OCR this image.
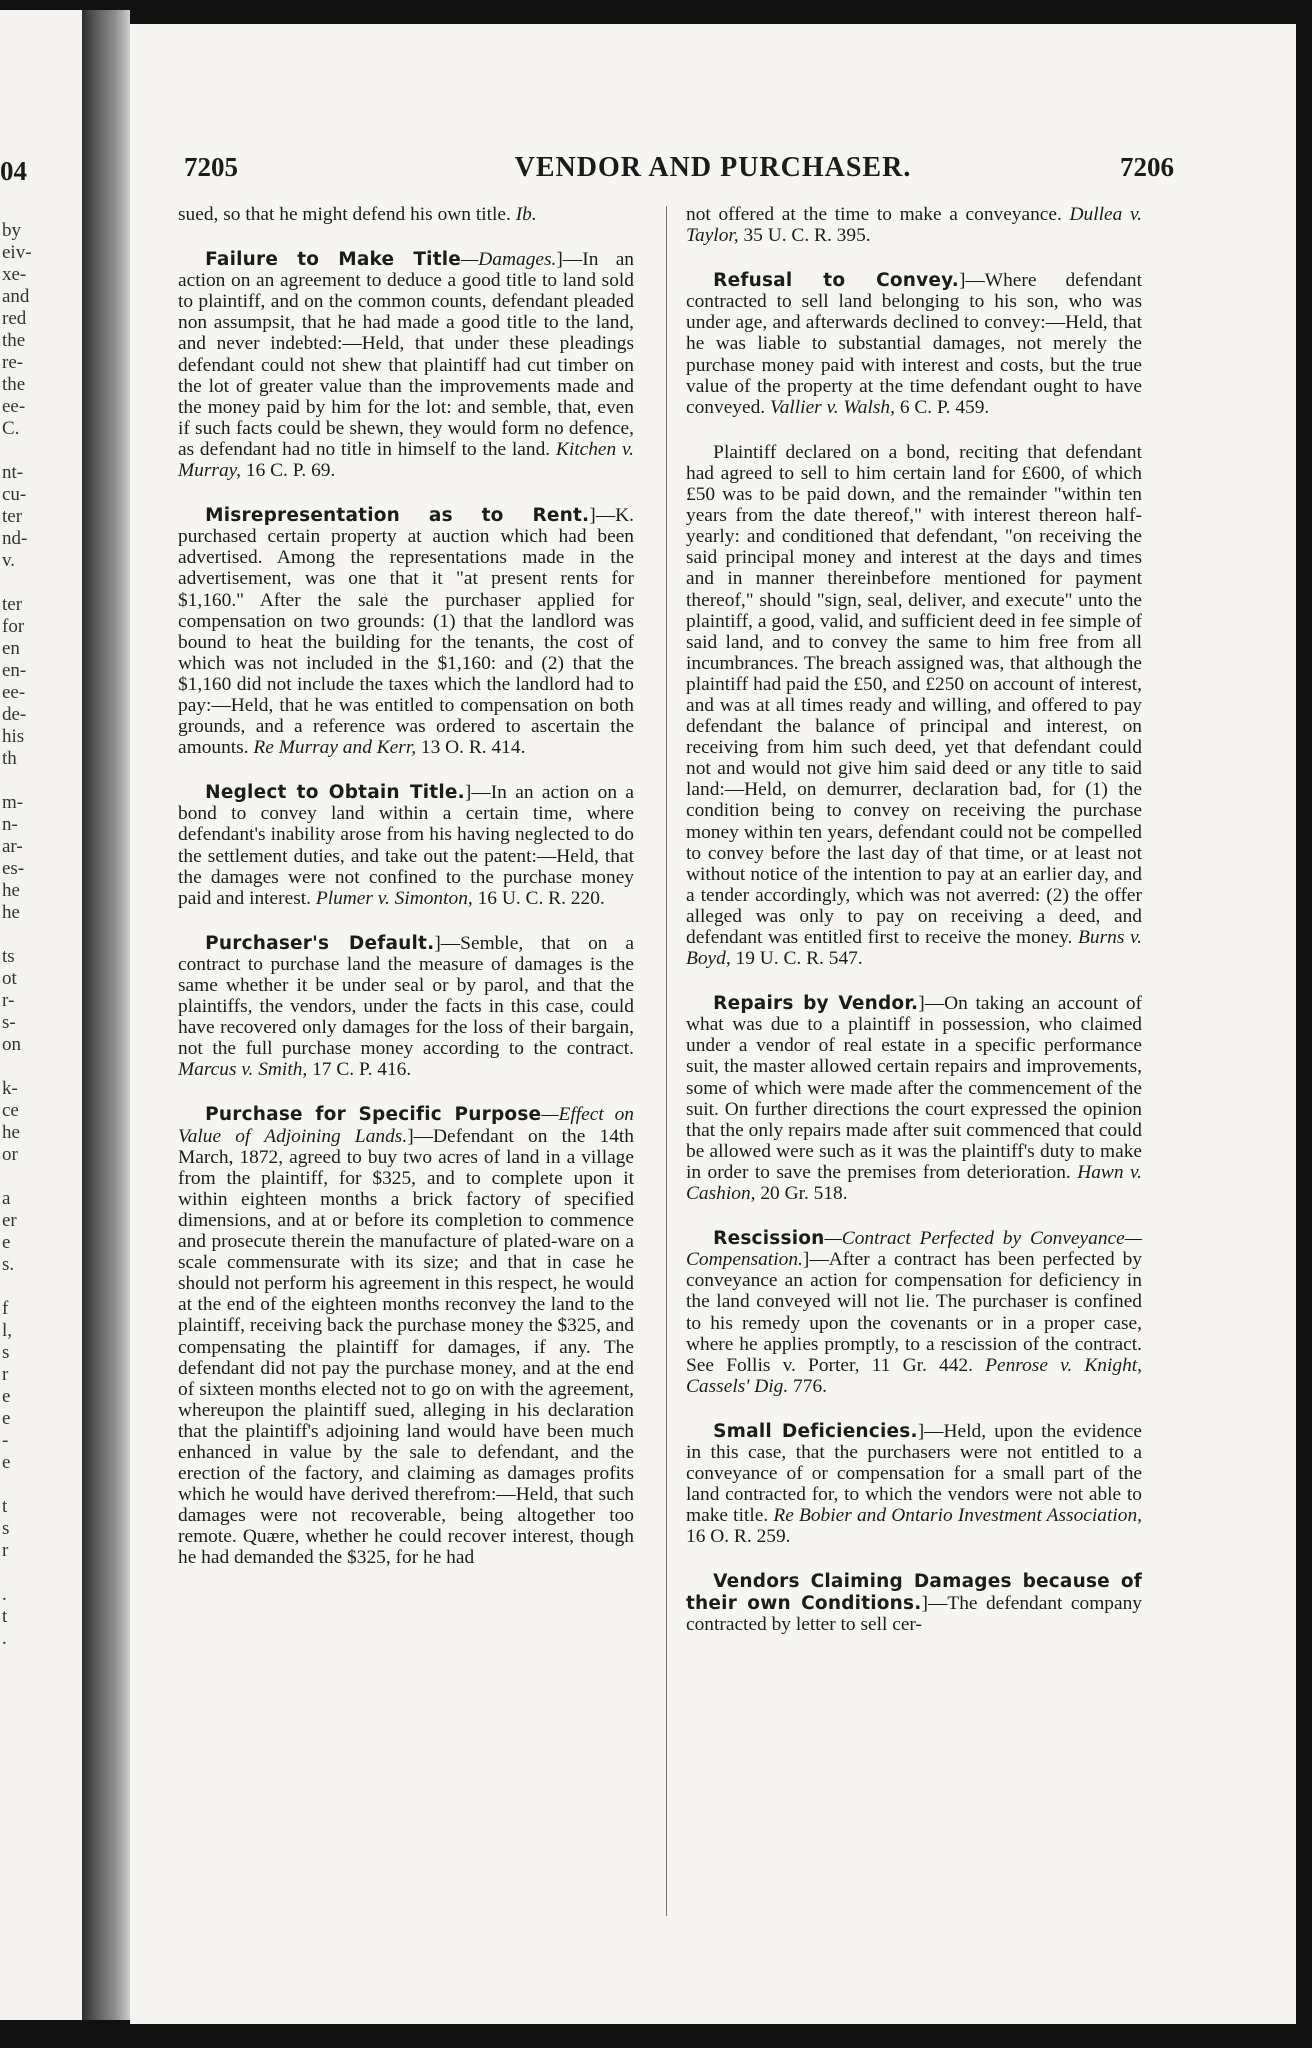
04
by
eiv-
xe-
and
red
the
re-
the
ee-
C.

nt-
cu-
ter
nd-
v.

ter
for
en
en-
ee-
de-
his
th

m-
n-
ar-
es-
he
he

ts
ot
r-
s-
on

k-
ce
he
or

a
er
e
s.

f
l,
s
r
e
e
-
e

t
s
r

.
t
.
7205	VENDOR AND PURCHASER.	7206

sued, so that he might defend his own title. Ib.

Failure to Make Title—Damages.]—In an action on an agreement to deduce a good title to land sold to plaintiff, and on the common counts, defendant pleaded non assumpsit, that he had made a good title to the land, and never indebted:—Held, that under these pleadings defendant could not shew that plaintiff had cut timber on the lot of greater value than the improvements made and the money paid by him for the lot: and semble, that, even if such facts could be shewn, they would form no defence, as defendant had no title in himself to the land. Kitchen v. Murray, 16 C. P. 69.

Misrepresentation as to Rent.]—K. purchased certain property at auction which had been advertised. Among the representations made in the advertisement, was one that it "at present rents for $1,160." After the sale the purchaser applied for compensation on two grounds: (1) that the landlord was bound to heat the building for the tenants, the cost of which was not included in the $1,160: and (2) that the $1,160 did not include the taxes which the landlord had to pay:—Held, that he was entitled to compensation on both grounds, and a reference was ordered to ascertain the amounts. Re Murray and Kerr, 13 O. R. 414.

Neglect to Obtain Title.]—In an action on a bond to convey land within a certain time, where defendant's inability arose from his having neglected to do the settlement duties, and take out the patent:—Held, that the damages were not confined to the purchase money paid and interest. Plumer v. Simonton, 16 U. C. R. 220.

Purchaser's Default.]—Semble, that on a contract to purchase land the measure of damages is the same whether it be under seal or by parol, and that the plaintiffs, the vendors, under the facts in this case, could have recovered only damages for the loss of their bargain, not the full purchase money according to the contract. Marcus v. Smith, 17 C. P. 416.

Purchase for Specific Purpose—Effect on Value of Adjoining Lands.]—Defendant on the 14th March, 1872, agreed to buy two acres of land in a village from the plaintiff, for $325, and to complete upon it within eighteen months a brick factory of specified dimensions, and at or before its completion to commence and prosecute therein the manufacture of plated-ware on a scale commensurate with its size; and that in case he should not perform his agreement in this respect, he would at the end of the eighteen months reconvey the land to the plaintiff, receiving back the purchase money the $325, and compensating the plaintiff for damages, if any. The defendant did not pay the purchase money, and at the end of sixteen months elected not to go on with the agreement, whereupon the plaintiff sued, alleging in his declaration that the plaintiff's adjoining land would have been much enhanced in value by the sale to defendant, and the erection of the factory, and claiming as damages profits which he would have derived therefrom:—Held, that such damages were not recoverable, being altogether too remote. Quære, whether he could recover interest, though he had demanded the $325, for he had

not offered at the time to make a conveyance. Dullea v. Taylor, 35 U. C. R. 395.

Refusal to Convey.]—Where defendant contracted to sell land belonging to his son, who was under age, and afterwards declined to convey:—Held, that he was liable to substantial damages, not merely the purchase money paid with interest and costs, but the true value of the property at the time defendant ought to have conveyed. Vallier v. Walsh, 6 C. P. 459.

Plaintiff declared on a bond, reciting that defendant had agreed to sell to him certain land for £600, of which £50 was to be paid down, and the remainder "within ten years from the date thereof," with interest thereon half-yearly: and conditioned that defendant, "on receiving the said principal money and interest at the days and times and in manner thereinbefore mentioned for payment thereof," should "sign, seal, deliver, and execute" unto the plaintiff, a good, valid, and sufficient deed in fee simple of said land, and to convey the same to him free from all incumbrances. The breach assigned was, that although the plaintiff had paid the £50, and £250 on account of interest, and was at all times ready and willing, and offered to pay defendant the balance of principal and interest, on receiving from him such deed, yet that defendant could not and would not give him said deed or any title to said land:—Held, on demurrer, declaration bad, for (1) the condition being to convey on receiving the purchase money within ten years, defendant could not be compelled to convey before the last day of that time, or at least not without notice of the intention to pay at an earlier day, and a tender accordingly, which was not averred: (2) the offer alleged was only to pay on receiving a deed, and defendant was entitled first to receive the money. Burns v. Boyd, 19 U. C. R. 547.

Repairs by Vendor.]—On taking an account of what was due to a plaintiff in possession, who claimed under a vendor of real estate in a specific performance suit, the master allowed certain repairs and improvements, some of which were made after the commencement of the suit. On further directions the court expressed the opinion that the only repairs made after suit commenced that could be allowed were such as it was the plaintiff's duty to make in order to save the premises from deterioration. Hawn v. Cashion, 20 Gr. 518.

Rescission—Contract Perfected by Conveyance—Compensation.]—After a contract has been perfected by conveyance an action for compensation for deficiency in the land conveyed will not lie. The purchaser is confined to his remedy upon the covenants or in a proper case, where he applies promptly, to a rescission of the contract. See Follis v. Porter, 11 Gr. 442. Penrose v. Knight, Cassels' Dig. 776.

Small Deficiencies.]—Held, upon the evidence in this case, that the purchasers were not entitled to a conveyance of or compensation for a small part of the land contracted for, to which the vendors were not able to make title. Re Bobier and Ontario Investment Association, 16 O. R. 259.

Vendors Claiming Damages because of their own Conditions.]—The defendant company contracted by letter to sell cer-
